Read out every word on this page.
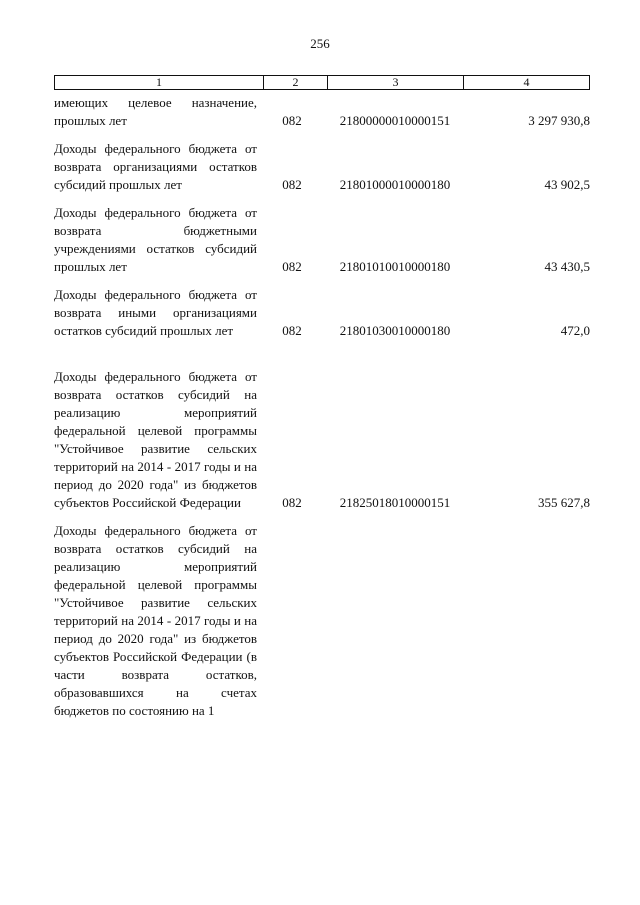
256
1	2	3	4
имеющих целевое назначение, прошлых лет	082	21800000010000151	3 297 930,8
Доходы федерального бюджета от возврата организациями остатков субсидий прошлых лет	082	21801000010000180	43 902,5
Доходы федерального бюджета от возврата бюджетными учреждениями остатков субсидий прошлых лет	082	21801010010000180	43 430,5
Доходы федерального бюджета от возврата иными организациями остатков субсидий прошлых лет	082	21801030010000180	472,0
Доходы федерального бюджета от возврата остатков субсидий на реализацию мероприятий федеральной целевой программы "Устойчивое развитие сельских территорий на 2014 - 2017 годы и на период до 2020 года" из бюджетов субъектов Российской Федерации	082	21825018010000151	355 627,8
Доходы федерального бюджета от возврата остатков субсидий на реализацию мероприятий федеральной целевой программы "Устойчивое развитие сельских территорий на 2014 - 2017 годы и на период до 2020 года" из бюджетов субъектов Российской Федерации (в части возврата остатков, образовавшихся на счетах бюджетов по состоянию на 1
